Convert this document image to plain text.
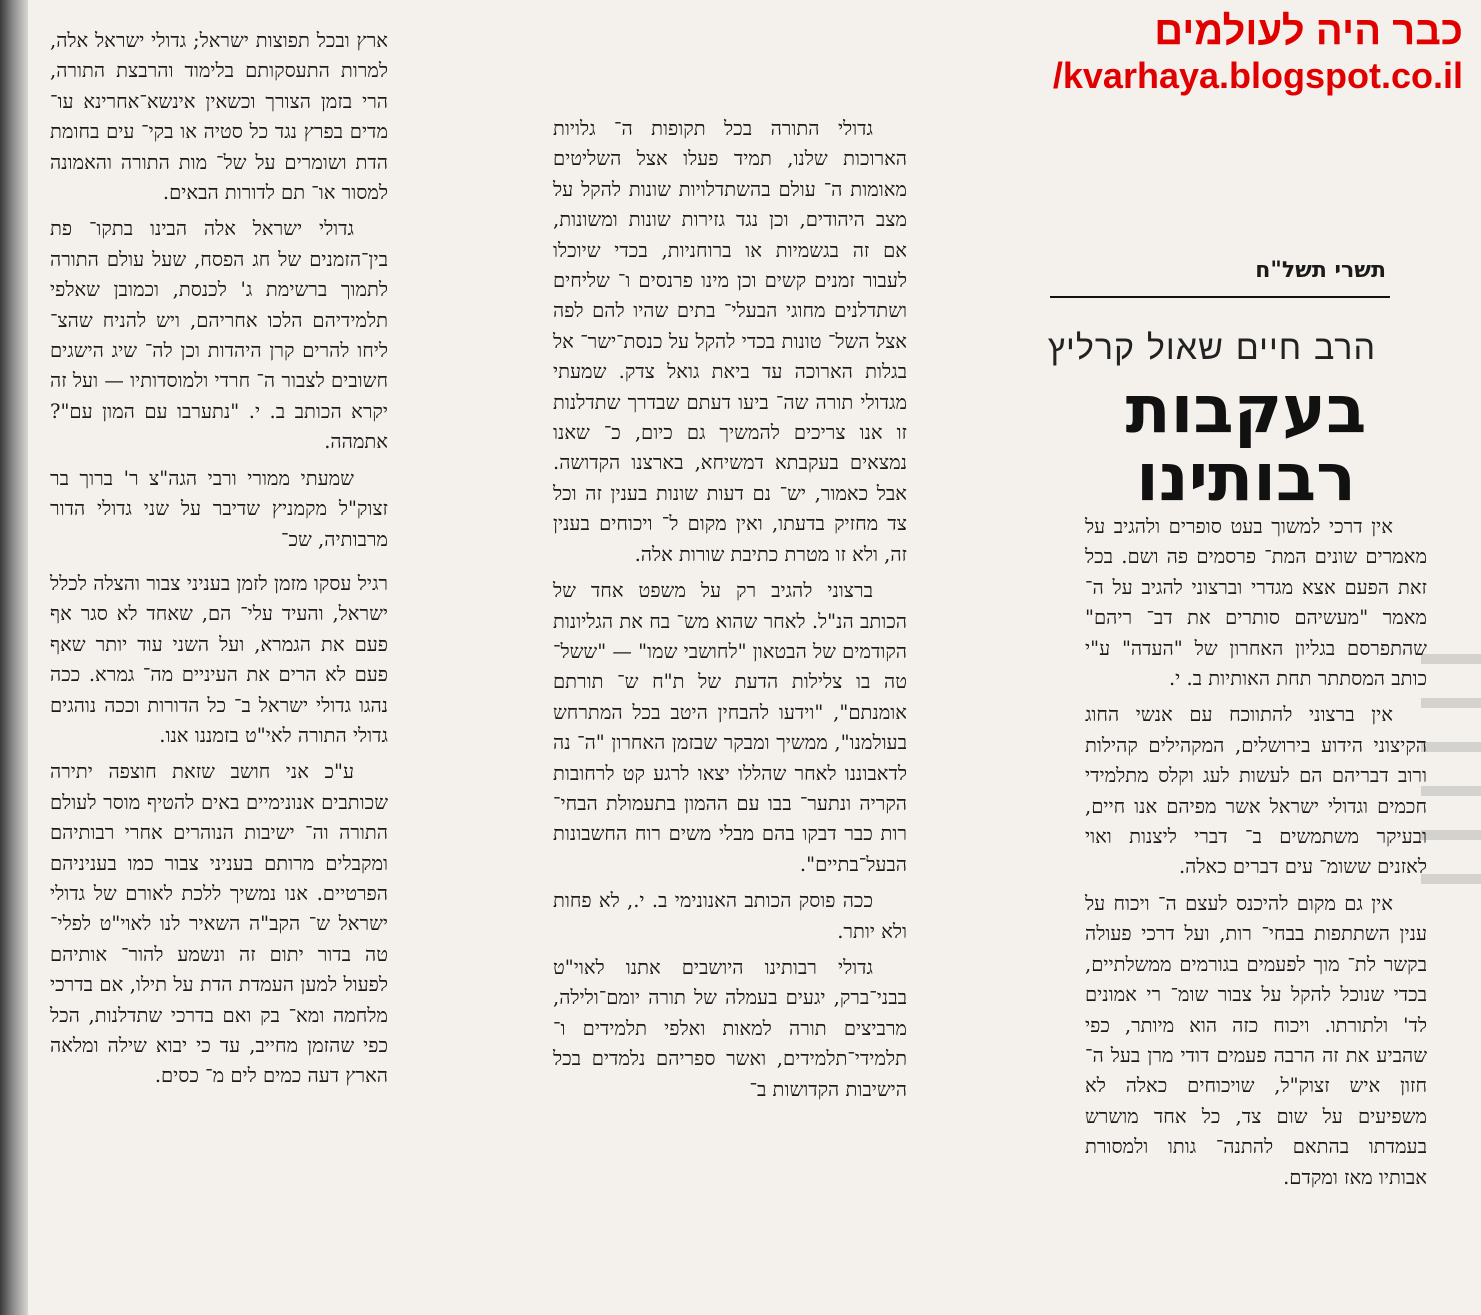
כבר היה לעולמים
/kvarhaya.blogspot.co.il
תשרי תשל"ח
הרב חיים שאול קרליץ
בעקבות
רבותינו

אין דרכי למשוך בעט סופרים ולהגיב על מאמרים שונים המת־ פרסמים פה ושם. בכל זאת הפעם אצא מגדרי וברצוני להגיב על ה־ מאמר "מעשיהם סותרים את דב־ ריהם" שהתפרסם בגליון האחרון של "העדה" ע"י כותב המסתתר תחת האותיות ב. י.

אין ברצוני להתווכח עם אנשי החוג הקיצוני הידוע בירושלים, המקהילים קהילות ורוב דבריהם הם לעשות לעג וקלס מתלמידי חכמים וגדולי ישראל אשר מפיהם אנו חיים, ובעיקר משתמשים ב־ דברי ליצנות ואוי לאזנים ששומ־ עים דברים כאלה.

אין גם מקום להיכנס לעצם ה־ ויכוח על ענין השתתפות בבחי־ רות, ועל דרכי פעולה בקשר לת־ מוך לפעמים בגורמים ממשלתיים, בכדי שנוכל להקל על צבור שומ־ רי אמונים לד' ולתורתו. ויכוח כזה הוא מיותר, כפי שהביע את זה הרבה פעמים דודי מרן בעל ה־ חזון איש זצוק"ל, שויכוחים כאלה לא משפיעים על שום צד, כל אחד מושרש בעמדתו בהתאם להתנה־ גותו ולמסורת אבותיו מאז ומקדם.

גדולי התורה בכל תקופות ה־ גלויות הארוכות שלנו, תמיד פעלו אצל השליטים מאומות ה־ עולם בהשתדלויות שונות להקל על מצב היהודים, וכן נגד גזירות שונות ומשונות, אם זה בגשמיות או ברוחניות, בכדי שיוכלו לעבור זמנים קשים וכן מינו פרנסים ו־ שליחים ושתדלנים מחוגי הבעלי־ בתים שהיו להם לפה אצל השל־ טונות בכדי להקל על כנסת־ישר־ אל בגלות הארוכה עד ביאת גואל צדק. שמעתי מגדולי תורה שה־ ביעו דעתם שבדרך שתדלנות זו אנו צריכים להמשיך גם כיום, כ־ שאנו נמצאים בעקבתא דמשיחא, בארצנו הקדושה. אבל כאמור, יש־ נם דעות שונות בענין זה וכל צד מחזיק בדעתו, ואין מקום ל־ ויכוחים בענין זה, ולא זו מטרת כתיבת שורות אלה.

ברצוני להגיב רק על משפט אחד של הכותב הנ"ל. לאחר שהוא מש־ בח את הגליונות הקודמים של הבטאון "לחושבי שמו" — "ששל־ טה בו צלילות הדעת של ת"ח ש־ תורתם אומנתם", "וידעו להבחין היטב בכל המתרחש בעולמנו", ממשיך ומבקר שבזמן האחרון "ה־ נה לדאבוננו לאחר שהללו יצאו לרגע קט לרחובות הקריה ונתער־ בבו עם ההמון בתעמולת הבחי־ רות כבר דבקו בהם מבלי משים רוח החשבונות הבעל־בתיים".

ככה פוסק הכותב האנונימי ב. י., לא פחות ולא יותר.

גדולי רבותינו היושבים אתנו לאוי"ט בבני־ברק, יגעים בעמלה של תורה יומם־ולילה, מרביצים תורה למאות ואלפי תלמידים ו־ תלמידי־תלמידים, ואשר ספריהם נלמדים בכל הישיבות הקדושות ב־

ארץ ובכל תפוצות ישראל; גדולי ישראל אלה, למרות התעסקותם בלימוד והרבצת התורה, הרי בזמן הצורך וכשאין אינשא־אחרינא עו־ מדים בפרץ נגד כל סטיה או בקי־ עים בחומת הדת ושומרים על של־ מות התורה והאמונה למסור או־ תם לדורות הבאים.

גדולי ישראל אלה הבינו בתקו־ פת בין־הזמנים של חג הפסח, שעל עולם התורה לתמוך ברשימת ג' לכנסת, וכמובן שאלפי תלמידיהם הלכו אחריהם, ויש להניח שהצ־ ליחו להרים קרן היהדות וכן לה־ שיג הישגים חשובים לצבור ה־ חרדי ולמוסדותיו — ועל זה יקרא הכותב ב. י. "נתערבו עם המון עם"? אתמהה.

שמעתי ממורי ורבי הגה"צ ר' ברוך בר זצוק"ל מקמניץ שדיבר על שני גדולי הדור מרבותיה, שכ־

רגיל עסקו מזמן לזמן בעניני צבור והצלה לכלל ישראל, והעיד עלי־ הם, שאחד לא סגר אף פעם את הגמרא, ועל השני עוד יותר שאף פעם לא הרים את העיניים מה־ גמרא. ככה נהגו גדולי ישראל ב־ כל הדורות וככה נוהגים גדולי התורה לאי"ט בזמננו אנו.

ע"כ אני חושב שזאת חוצפה יתירה שכותבים אנונימיים באים להטיף מוסר לעולם התורה וה־ ישיבות הנוהרים אחרי רבותיהם ומקבלים מרותם בעניני צבור כמו בעניניהם הפרטיים. אנו נמשיך ללכת לאורם של גדולי ישראל ש־ הקב"ה השאיר לנו לאוי"ט לפלי־ טה בדור יתום זה ונשמע להור־ אותיהם לפעול למען העמדת הדת על תילו, אם בדרכי מלחמה ומא־ בק ואם בדרכי שתדלנות, הכל כפי שהזמן מחייב, עד כי יבוא שילה ומלאה הארץ דעה כמים לים מ־ כסים.
